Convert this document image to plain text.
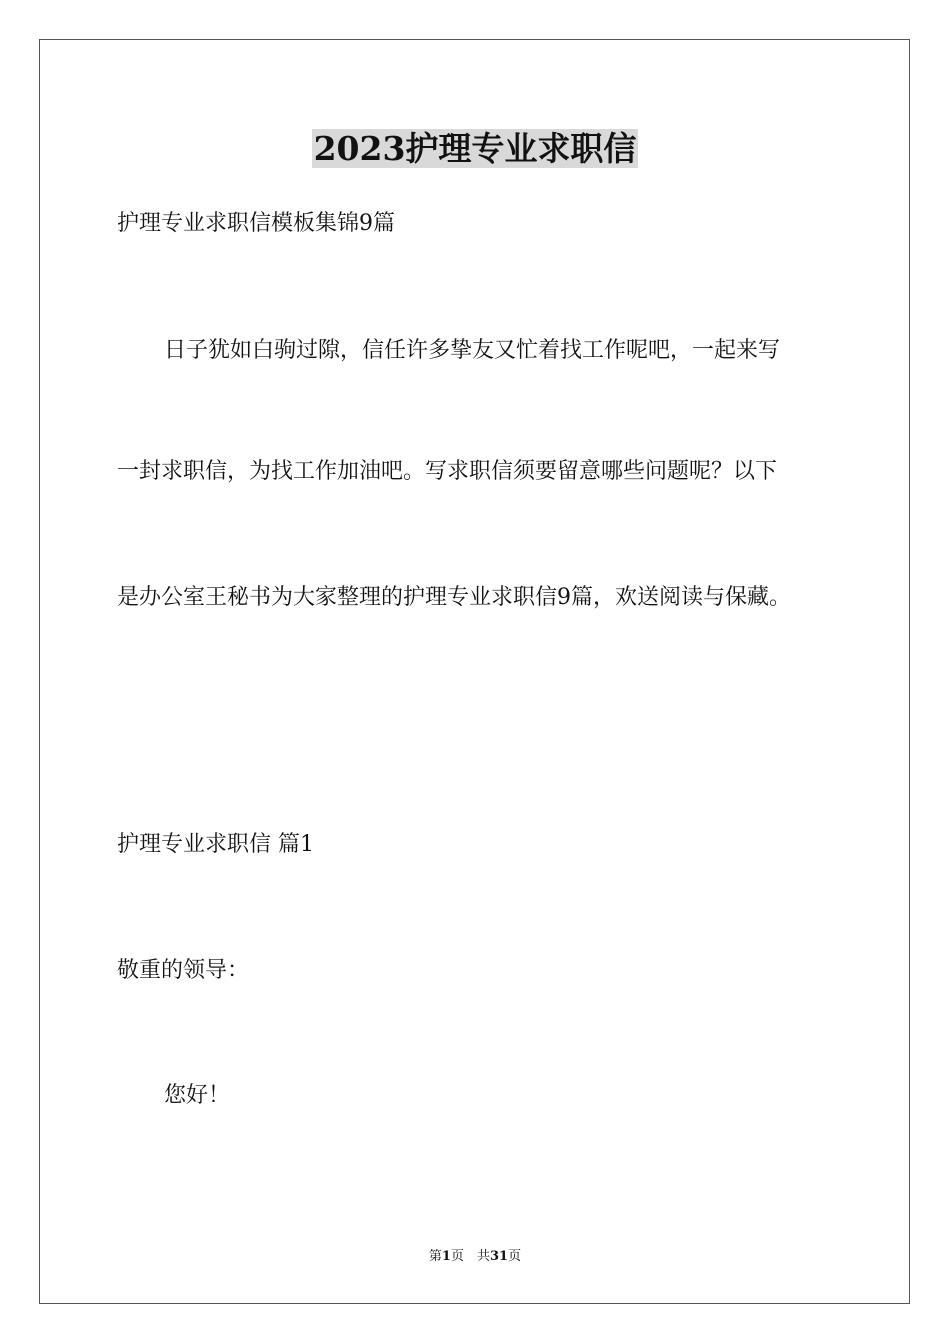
2023护理专业求职信
护理专业求职信模板集锦9篇
日子犹如白驹过隙，信任许多挚友又忙着找工作呢吧，一起来写
一封求职信，为找工作加油吧。写求职信须要留意哪些问题呢？以下
是办公室王秘书为大家整理的护理专业求职信9篇，欢送阅读与保藏。
护理专业求职信 篇1
敬重的领导：
您好！
第1页　共31页
